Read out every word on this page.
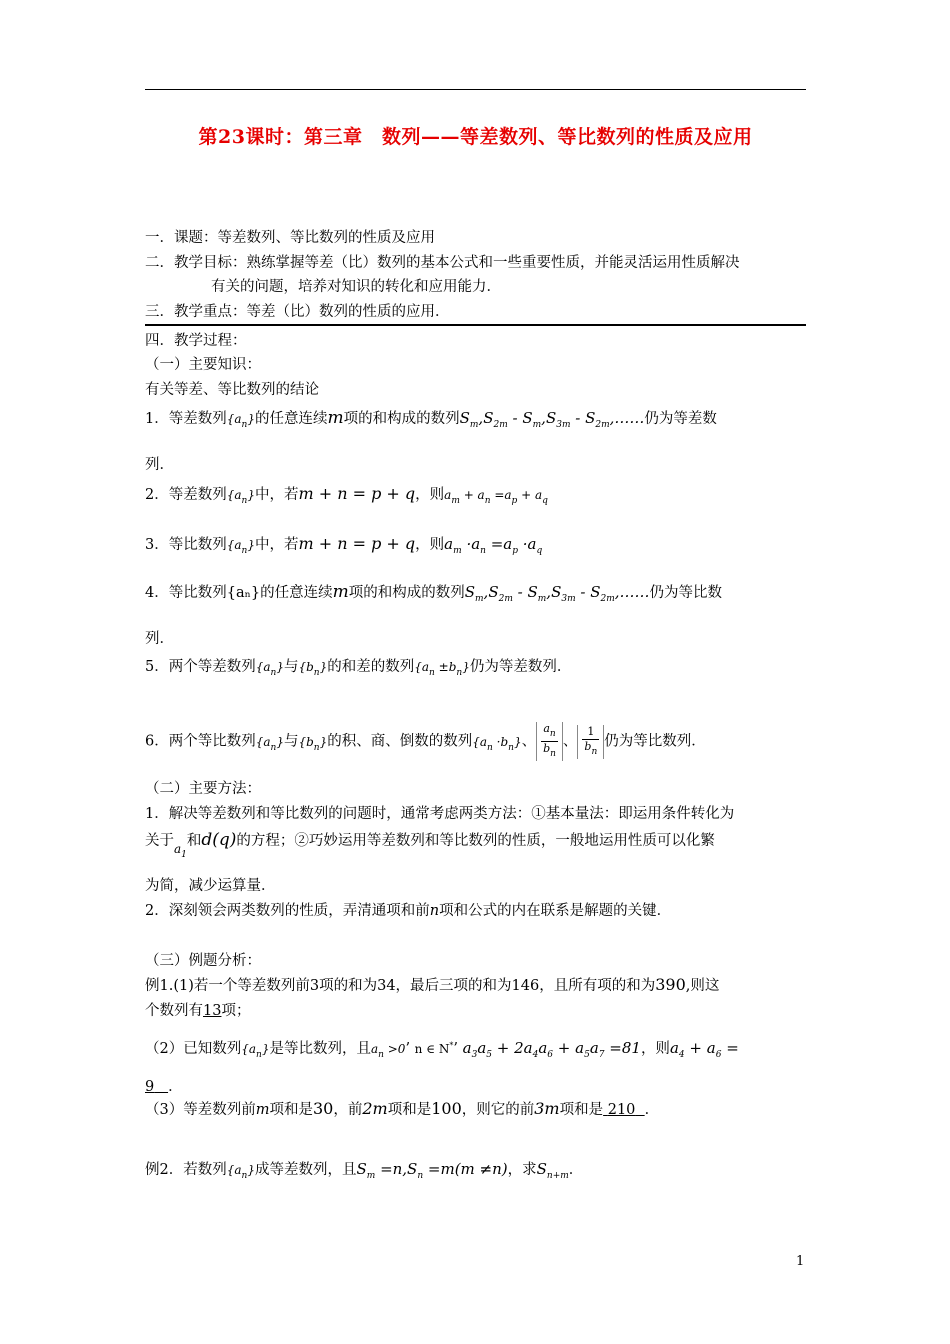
第23课时：第三章　数列——等差数列、等比数列的性质及应用
一．课题：等差数列、等比数列的性质及应用
二．教学目标：熟练掌握等差（比）数列的基本公式和一些重要性质，并能灵活运用性质解决
有关的问题，培养对知识的转化和应用能力．
三．教学重点：等差（比）数列的性质的应用．
四．教学过程：
（一）主要知识：
有关等差、等比数列的结论
1．等差数列$\{a_n\}$的任意连续m项的和构成的数列$S_m,S_{2m} - S_m,S_{3m}$ - $S_{2m},\dots\dots$仍为等差数
列．
2．等差数列$\{a_n\}$中，若m + n = p + q，则$a_m + a_n =a_p + a_q$
3．等比数列$\{a_n\}$中，若m + n = p + q，则$a_m \cdot a_n =a_p \cdot a_q$
4．等比数列{aₙ}的任意连续m项的和构成的数列$S_m,S_{2m} - S_m,S_{3m}$ - $S_{2m},\dots\dots$仍为等比数
列．
5．两个等差数列$\{a_n\}$与$\{b_n\}$的和差的数列$\{a_n \pm b_n\}$仍为等差数列．
6．两个等比数列$\{a_n\}$与$\{b_n\}$的积、商、倒数的数列$\{a_n \cdot b_n\}$、 $\frac{a_n}{b_n}$ 、 $\frac{1}{b_n}$ 仍为等比数列．
（二）主要方法：
1．解决等差数列和等比数列的问题时，通常考虑两类方法：①基本量法：即运用条件转化为
关于$_{a_1}$和d(q)的方程；②巧妙运用等差数列和等比数列的性质，一般地运用性质可以化繁
为简，减少运算量．
2．深刻领会两类数列的性质，弄清通项和前n项和公式的内在联系是解题的关键．
（三）例题分析：
例1.(1)若一个等差数列前3项的和为34，最后三项的和为146，且所有项的和为390,则这
个数列有13项；
（2）已知数列$\{a_n\}$是等比数列，且$a_n >0$’ n ∈ N*’ $a_3a_5 + 2a_4a_6 + a_5a_7 =81$，则$a_4 + a_6$ =
9 ．
（3）等差数列前m项和是30，前2m项和是100，则它的前3m项和是 210 ．
例2．若数列$\{a_n\}$成等差数列，且$S_m =n,S_n =m(m \ne n)$，求$S_{n+m}$．
1
